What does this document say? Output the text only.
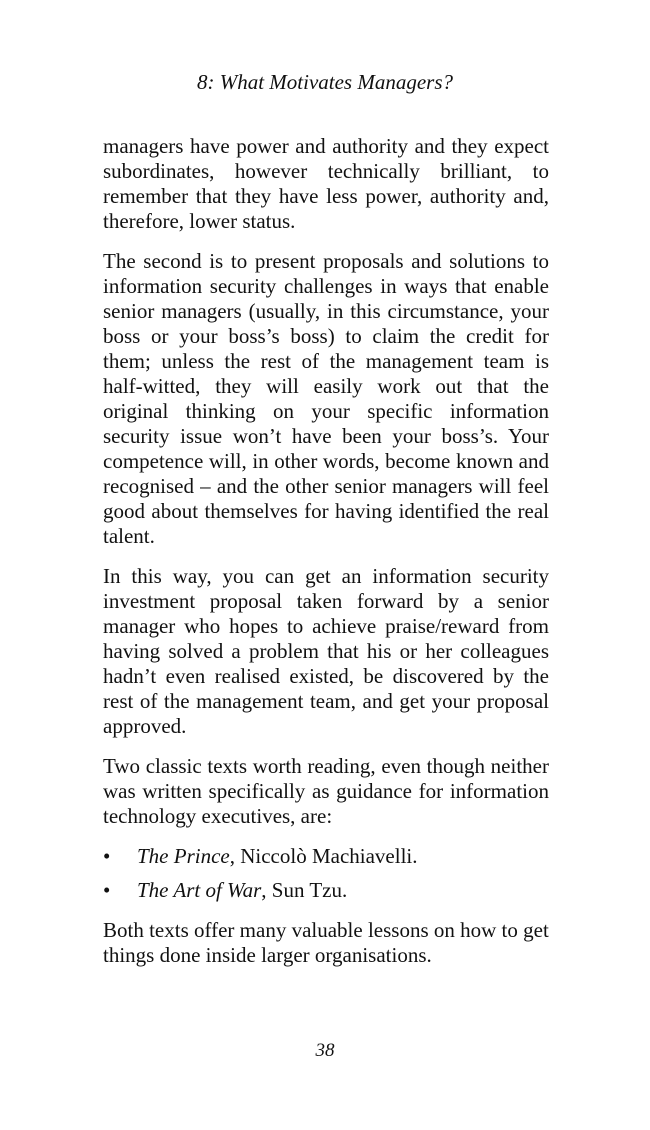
8: What Motivates Managers?

managers have power and authority and they expect subordinates, however technically brilliant, to remember that they have less power, authority and, therefore, lower status.

The second is to present proposals and solutions to information security challenges in ways that enable senior managers (usually, in this circumstance, your boss or your boss’s boss) to claim the credit for them; unless the rest of the management team is half-witted, they will easily work out that the original thinking on your specific information security issue won’t have been your boss’s. Your competence will, in other words, become known and recognised – and the other senior managers will feel good about themselves for having identified the real talent.

In this way, you can get an information security investment proposal taken forward by a senior manager who hopes to achieve praise/reward from having solved a problem that his or her colleagues hadn’t even realised existed, be discovered by the rest of the management team, and get your proposal approved.

Two classic texts worth reading, even though neither was written specifically as guidance for information technology executives, are:

•	The Prince, Niccolò Machiavelli.
•	The Art of War, Sun Tzu.

Both texts offer many valuable lessons on how to get things done inside larger organisations.

38
